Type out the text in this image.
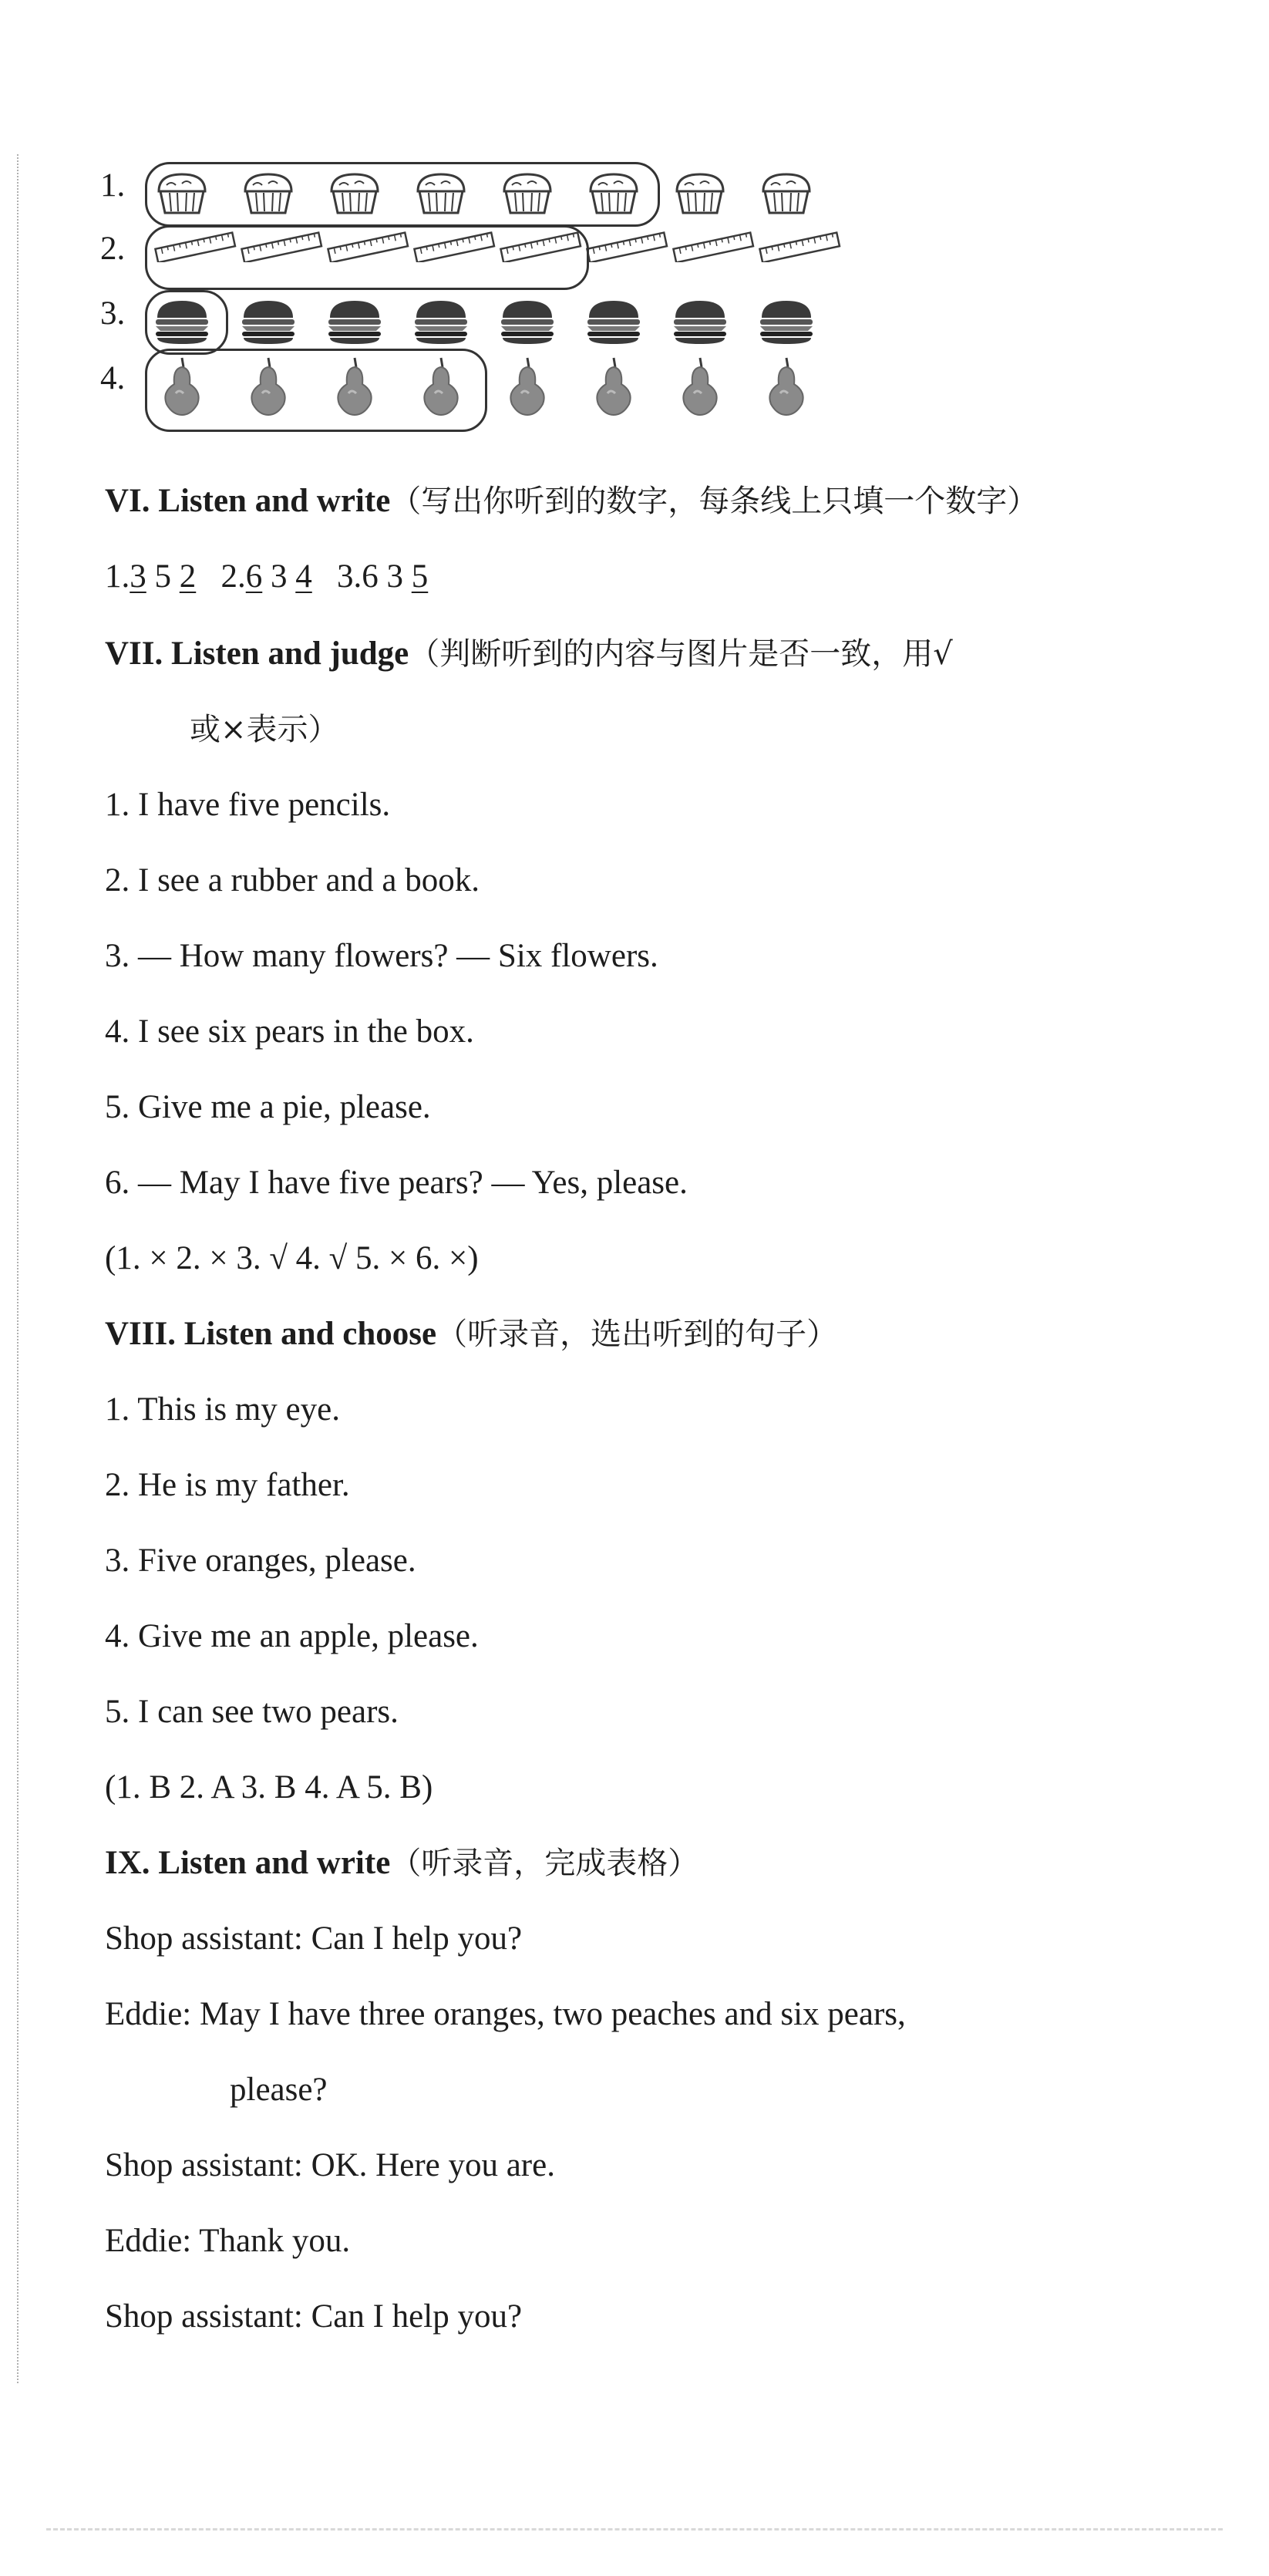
1.
2.
3.
4.
VI. Listen and write（写出你听到的数字，每条线上只填一个数字）
1.3 5 2 2.6 3 4 3.6 3 5
VII. Listen and judge（判断听到的内容与图片是否一致，用√
或×表示）
1. I have five pencils.
2. I see a rubber and a book.
3. — How many flowers? — Six flowers.
4. I see six pears in the box.
5. Give me a pie, please.
6. — May I have five pears? — Yes, please.
(1. × 2. × 3. √ 4. √ 5. × 6. ×)
VIII. Listen and choose（听录音，选出听到的句子）
1. This is my eye.
2. He is my father.
3. Five oranges, please.
4. Give me an apple, please.
5. I can see two pears.
(1. B 2. A 3. B 4. A 5. B)
IX. Listen and write（听录音，完成表格）
Shop assistant: Can I help you?
Eddie: May I have three oranges, two peaches and six pears,
please?
Shop assistant: OK. Here you are.
Eddie: Thank you.
Shop assistant: Can I help you?
